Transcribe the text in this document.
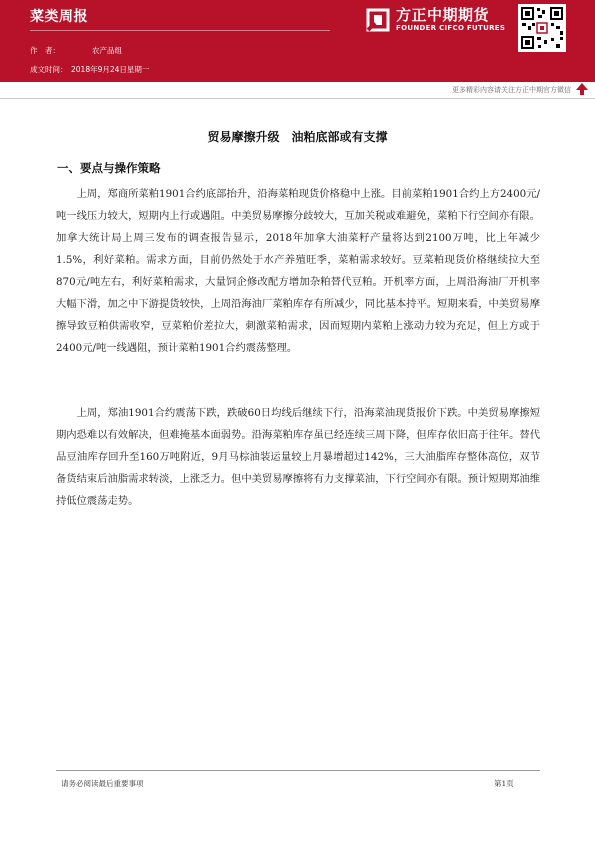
菜类周报
作　者：	农产品组
成文时间： 2018年9月24日星期一
方正中期期货
FOUNDER CIFCO FUTURES
更多精彩内容请关注方正中期官方微信
贸易摩擦升级　油粕底部或有支撑
一、要点与操作策略
上周，郑商所菜粕1901合约底部抬升，沿海菜粕现货价格稳中上涨。目前菜粕1901合约上方2400元/吨一线压力较大，短期内上行或遇阻。中美贸易摩擦分歧较大，互加关税或难避免，菜粕下行空间亦有限。加拿大统计局上周三发布的调查报告显示，2018年加拿大油菜籽产量将达到2100万吨，比上年减少1.5%，利好菜粕。需求方面，目前仍然处于水产养殖旺季，菜粕需求较好。豆菜粕现货价格继续拉大至870元/吨左右，利好菜粕需求，大量饲企修改配方增加杂粕替代豆粕。开机率方面，上周沿海油厂开机率大幅下滑，加之中下游提货较快，上周沿海油厂菜粕库存有所减少，同比基本持平。短期来看，中美贸易摩擦导致豆粕供需收窄，豆菜粕价差拉大，刺激菜粕需求，因而短期内菜粕上涨动力较为充足，但上方或于2400元/吨一线遇阻，预计菜粕1901合约震荡整理。
上周，郑油1901合约震荡下跌，跌破60日均线后继续下行，沿海菜油现货报价下跌。中美贸易摩擦短期内恐难以有效解决，但难掩基本面弱势。沿海菜粕库存虽已经连续三周下降，但库存依旧高于往年。替代品豆油库存回升至160万吨附近，9月马棕油装运量较上月暴增超过142%，三大油脂库存整体高位，双节备货结束后油脂需求转淡，上涨乏力。但中美贸易摩擦将有力支撑菜油，下行空间亦有限。预计短期郑油维持低位震荡走势。
请务必阅读最后重要事项	第1页
